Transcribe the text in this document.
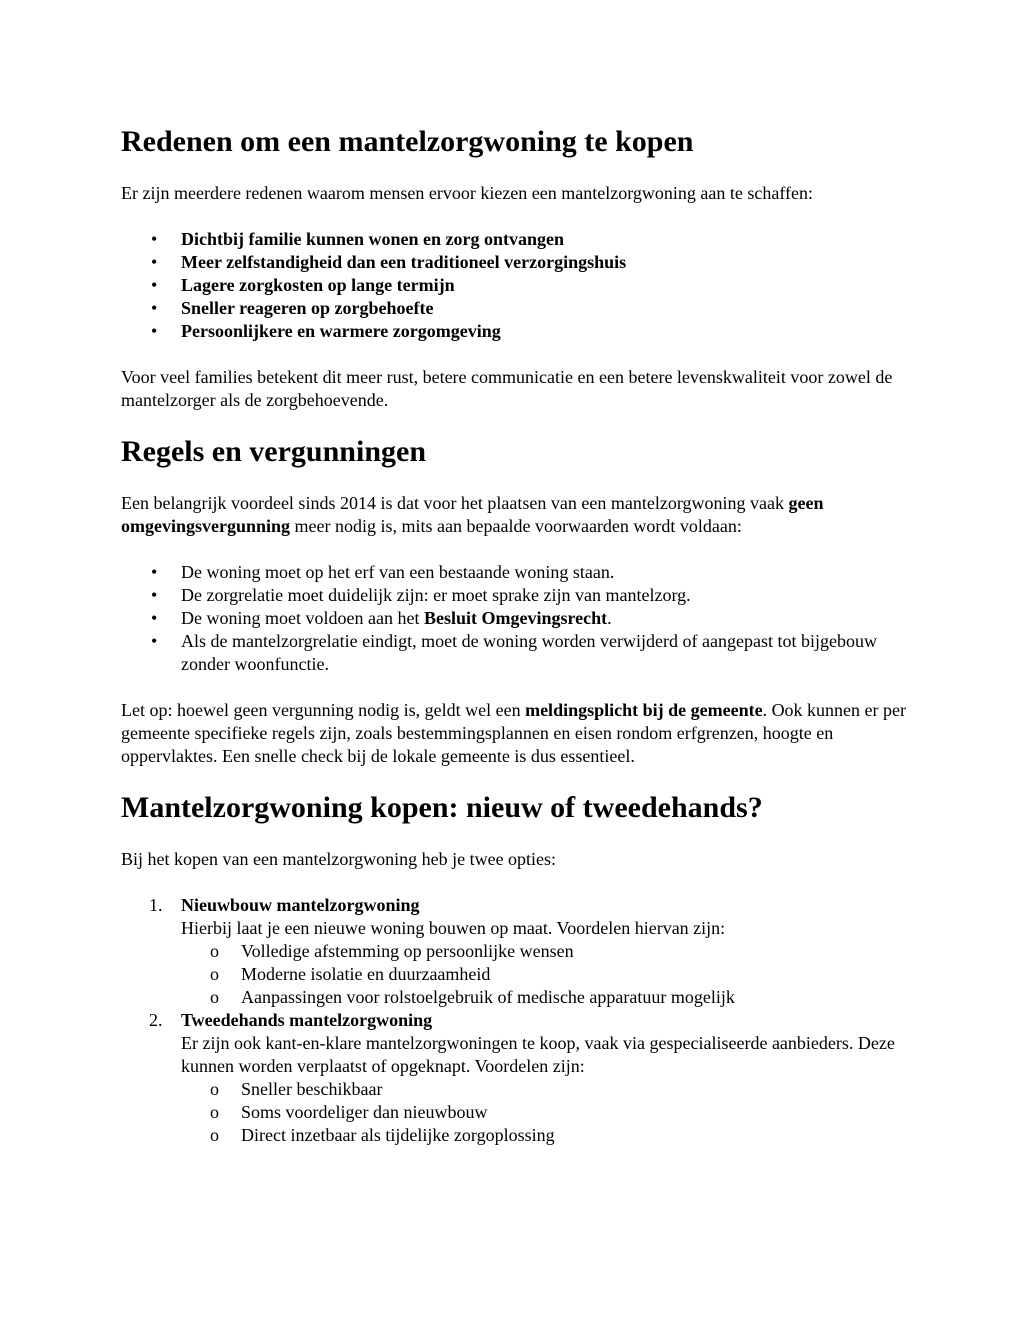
Redenen om een mantelzorgwoning te kopen

Er zijn meerdere redenen waarom mensen ervoor kiezen een mantelzorgwoning aan te schaffen:

• Dichtbij familie kunnen wonen en zorg ontvangen
• Meer zelfstandigheid dan een traditioneel verzorgingshuis
• Lagere zorgkosten op lange termijn
• Sneller reageren op zorgbehoefte
• Persoonlijkere en warmere zorgomgeving

Voor veel families betekent dit meer rust, betere communicatie en een betere levenskwaliteit voor zowel de mantelzorger als de zorgbehoevende.

Regels en vergunningen

Een belangrijk voordeel sinds 2014 is dat voor het plaatsen van een mantelzorgwoning vaak geen omgevingsvergunning meer nodig is, mits aan bepaalde voorwaarden wordt voldaan:

• De woning moet op het erf van een bestaande woning staan.
• De zorgrelatie moet duidelijk zijn: er moet sprake zijn van mantelzorg.
• De woning moet voldoen aan het Besluit Omgevingsrecht.
• Als de mantelzorgrelatie eindigt, moet de woning worden verwijderd of aangepast tot bijgebouw zonder woonfunctie.

Let op: hoewel geen vergunning nodig is, geldt wel een meldingsplicht bij de gemeente. Ook kunnen er per gemeente specifieke regels zijn, zoals bestemmingsplannen en eisen rondom erfgrenzen, hoogte en oppervlaktes. Een snelle check bij de lokale gemeente is dus essentieel.

Mantelzorgwoning kopen: nieuw of tweedehands?

Bij het kopen van een mantelzorgwoning heb je twee opties:

1. Nieuwbouw mantelzorgwoning
Hierbij laat je een nieuwe woning bouwen op maat. Voordelen hiervan zijn:
o Volledige afstemming op persoonlijke wensen
o Moderne isolatie en duurzaamheid
o Aanpassingen voor rolstoelgebruik of medische apparatuur mogelijk
2. Tweedehands mantelzorgwoning
Er zijn ook kant-en-klare mantelzorgwoningen te koop, vaak via gespecialiseerde aanbieders. Deze kunnen worden verplaatst of opgeknapt. Voordelen zijn:
o Sneller beschikbaar
o Soms voordeliger dan nieuwbouw
o Direct inzetbaar als tijdelijke zorgoplossing
